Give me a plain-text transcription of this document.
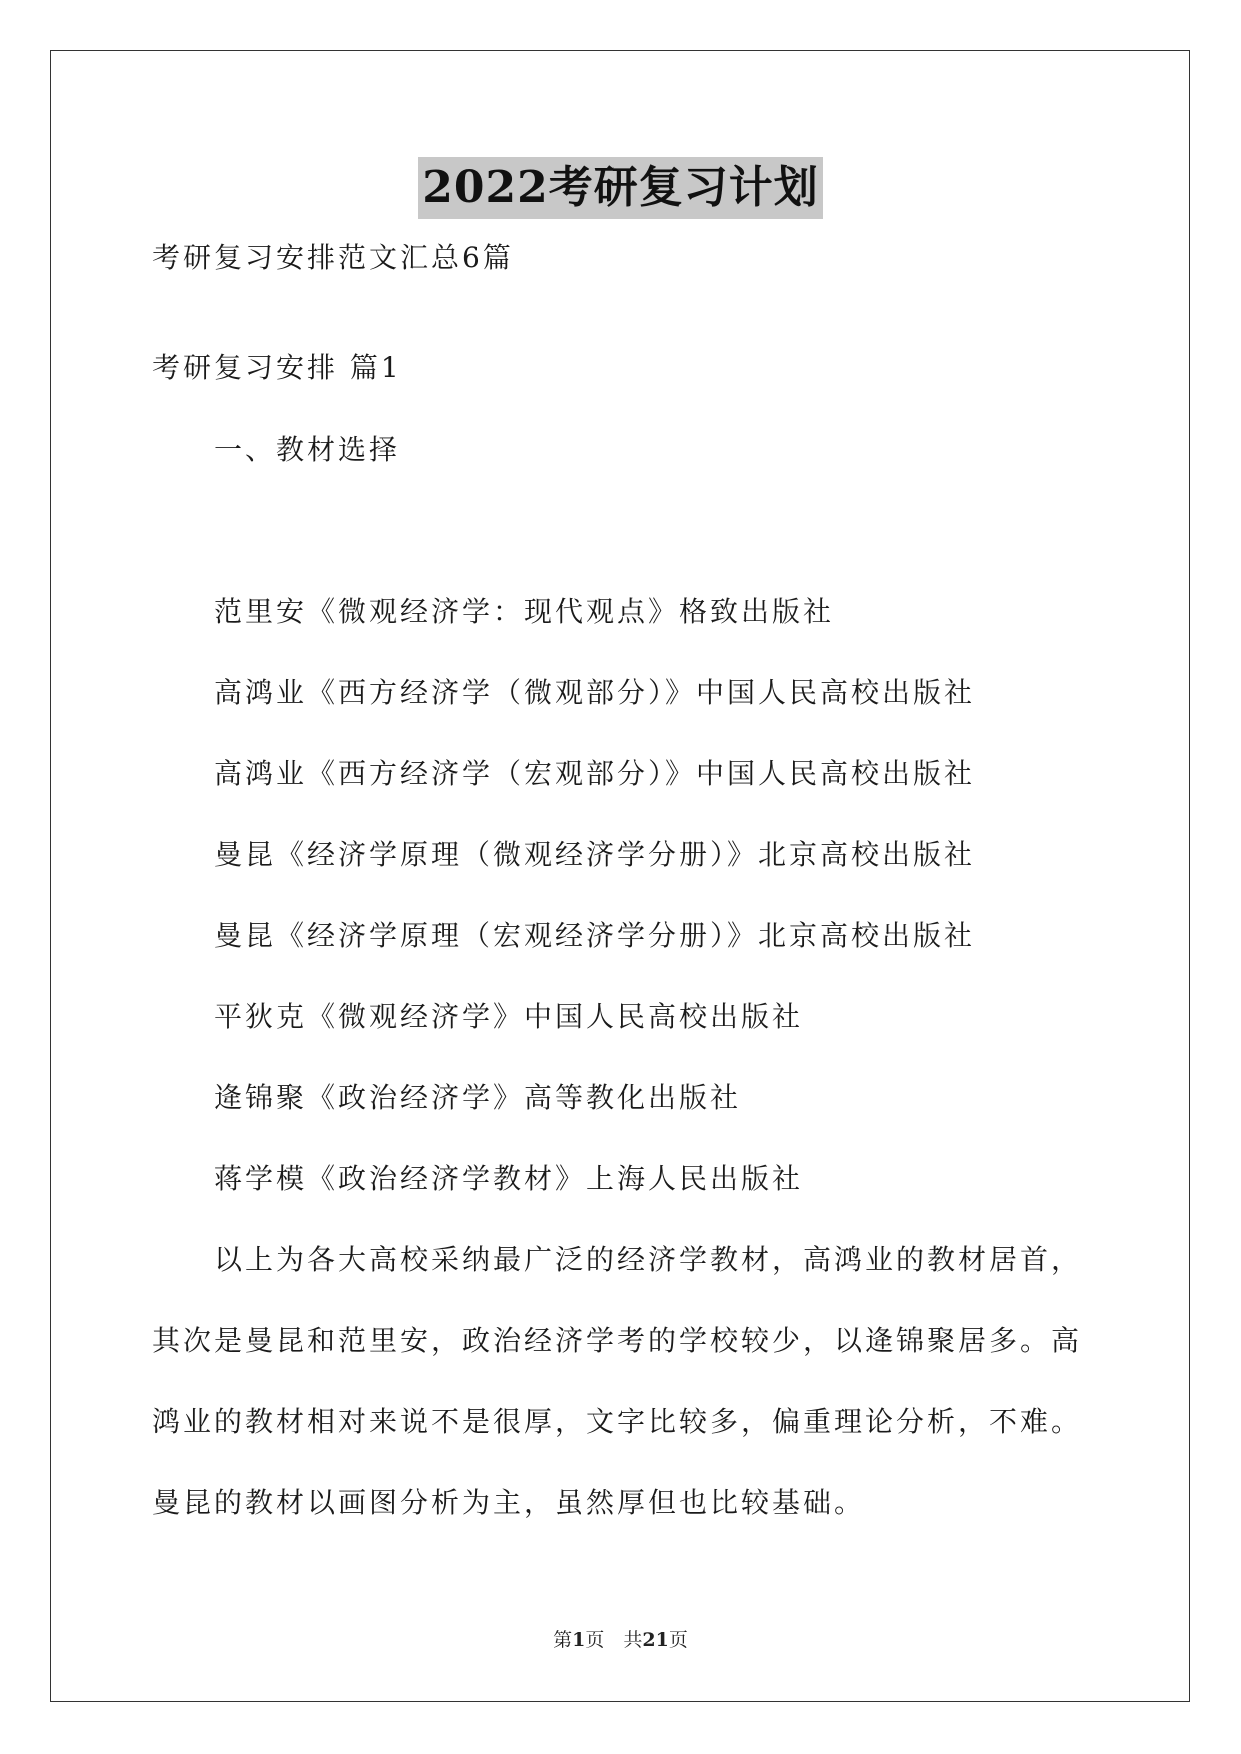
2022考研复习计划
考研复习安排范文汇总6篇
考研复习安排 篇1
一、教材选择
范里安《微观经济学：现代观点》格致出版社
高鸿业《西方经济学（微观部分）》中国人民高校出版社
高鸿业《西方经济学（宏观部分）》中国人民高校出版社
曼昆《经济学原理（微观经济学分册）》北京高校出版社
曼昆《经济学原理（宏观经济学分册）》北京高校出版社
平狄克《微观经济学》中国人民高校出版社
逄锦聚《政治经济学》高等教化出版社
蒋学模《政治经济学教材》上海人民出版社
以上为各大高校采纳最广泛的经济学教材，高鸿业的教材居首，
其次是曼昆和范里安，政治经济学考的学校较少，以逄锦聚居多。高
鸿业的教材相对来说不是很厚，文字比较多，偏重理论分析，不难。
曼昆的教材以画图分析为主，虽然厚但也比较基础。
第1页　共21页
